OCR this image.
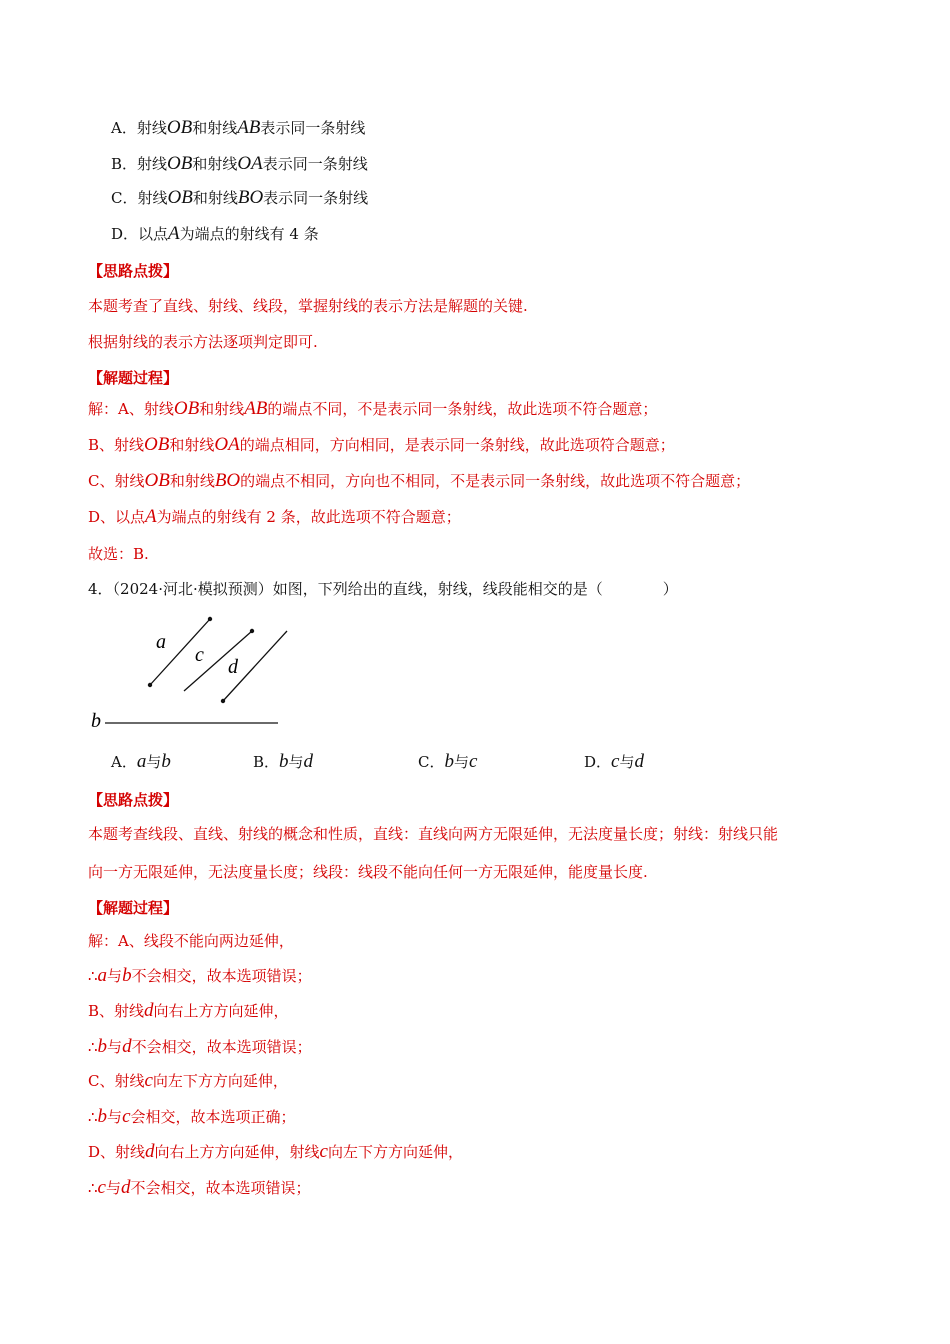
A．射线OB和射线AB表示同一条射线
B．射线OB和射线OA表示同一条射线
C．射线OB和射线BO表示同一条射线
D．以点A为端点的射线有 4 条
【思路点拨】
本题考查了直线、射线、线段，掌握射线的表示方法是解题的关键.
根据射线的表示方法逐项判定即可.
【解题过程】
解：A、射线OB和射线AB的端点不同，不是表示同一条射线，故此选项不符合题意；
B、射线OB和射线OA的端点相同，方向相同，是表示同一条射线，故此选项符合题意；
C、射线OB和射线BO的端点不相同，方向也不相同，不是表示同一条射线，故此选项不符合题意；
D、以点A为端点的射线有 2 条，故此选项不符合题意；
故选：B.
4．（2024·河北·模拟预测）如图，下列给出的直线，射线，线段能相交的是（　　　　）
a
c
d
b
A．a与b	B．b与d	C．b与c	D．c与d
【思路点拨】
本题考查线段、直线、射线的概念和性质，直线：直线向两方无限延伸，无法度量长度；射线：射线只能
向一方无限延伸，无法度量长度；线段：线段不能向任何一方无限延伸，能度量长度.
【解题过程】
解：A、线段不能向两边延伸，
∴a与b不会相交，故本选项错误；
B、射线d向右上方方向延伸，
∴b与d不会相交，故本选项错误；
C、射线c向左下方方向延伸，
∴b与c会相交，故本选项正确；
D、射线d向右上方方向延伸，射线c向左下方方向延伸，
∴c与d不会相交，故本选项错误；
